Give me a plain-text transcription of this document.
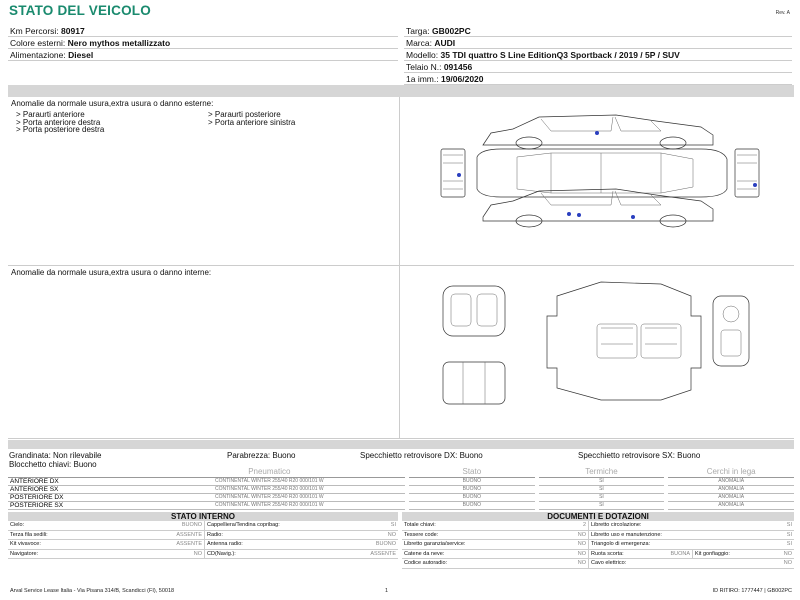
STATO DEL VEICOLO	Rev. A
Km Percorsi: 80917
Colore esterni: Nero mythos metallizzato
Alimentazione: Diesel
Targa: GB002PC
Marca: AUDI
Modello: 35 TDI quattro S Line EditionQ3 Sportback / 2019 / 5P / SUV
Telaio N.: 091456
1a imm.: 19/06/2020
Anomalie da normale usura,extra usura o danno esterne:
> Paraurti anteriore	> Paraurti posteriore
> Porta anteriore destra	> Porta anteriore sinistra
> Porta posteriore destra
Anomalie da normale usura,extra usura o danno interne:
Grandinata: Non rilevabile	Parabrezza: Buono	Specchietto retrovisore DX: Buono	Specchietto retrovisore SX: Buono
Blocchetto chiavi: Buono
	Pneumatico		Stato		Termiche		Cerchi in lega
ANTERIORE DX	CONTINENTAL WINTER 255/40 R20 000/101 W		BUONO		SI		ANOMALIA
ANTERIORE SX	CONTINENTAL WINTER 255/40 R20 000/101 W		BUONO		SI		ANOMALIA
POSTERIORE DX	CONTINENTAL WINTER 255/40 R20 000/101 W		BUONO		SI		ANOMALIA
POSTERIORE SX	CONTINENTAL WINTER 255/40 R20 000/101 W		BUONO		SI		ANOMALIA
STATO INTERNO
Cielo:	BUONO Cappelliera/Tendina copribag:	SI
Terza fila sedili:	ASSENTE Radio:	NO
Kit vivavoce:	ASSENTE Antenna radio:	BUONO
Navigatore:	NO CD(Navig.):	ASSENTE
DOCUMENTI E DOTAZIONI
Totale chiavi:	2 Libretto circolazione:	SI
Tessere code:	NO Libretto uso e manutenzione:	SI
Libretto garanzia/service:	NO Triangolo di emergenza:	SI
Catene da neve:	NO Ruota scorta:	BUONA Kit gonfiaggio:	NO
Codice autoradio:	NO Cavo elettrico:	NO
Arval Service Lease Italia - Via Pisana 314/B, Scandicci (FI), 50018	1	ID RITIRO: 1777447 | GB002PC
